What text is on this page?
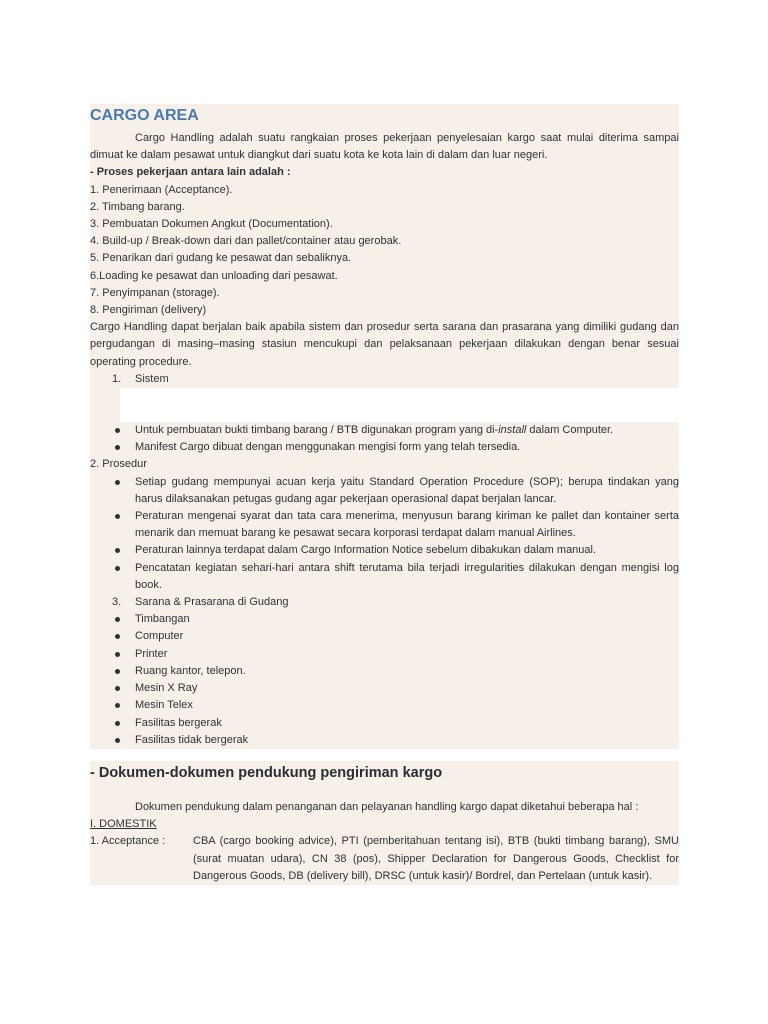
CARGO AREA
Cargo Handling adalah suatu rangkaian proses pekerjaan penyelesaian kargo saat mulai diterima sampai dimuat ke dalam pesawat untuk diangkut dari suatu kota ke kota lain di dalam dan luar negeri.
- Proses pekerjaan antara lain adalah :
1. Penerimaan (Acceptance).
2. Timbang barang.
3. Pembuatan Dokumen Angkut (Documentation).
4. Build-up / Break-down dari dan pallet/container atau gerobak.
5. Penarikan dari gudang ke pesawat dan sebaliknya.
6.Loading ke pesawat dan unloading dari pesawat.
7. Penyimpanan (storage).
8. Pengiriman (delivery)
Cargo Handling dapat berjalan baik apabila sistem dan prosedur serta sarana dan prasarana yang dimiliki gudang dan pergudangan di masing–masing stasiun mencukupi dan pelaksanaan pekerjaan dilakukan dengan benar sesuai operating procedure.
1. Sistem
Untuk pembuatan bukti timbang barang / BTB digunakan program yang di-install dalam Computer.
Manifest Cargo dibuat dengan menggunakan mengisi form yang telah tersedia.
2. Prosedur
Setiap gudang mempunyai acuan kerja yaitu Standard Operation Procedure (SOP); berupa tindakan yang harus dilaksanakan petugas gudang agar pekerjaan operasional dapat berjalan lancar.
Peraturan mengenai syarat dan tata cara menerima, menyusun barang kiriman ke pallet dan kontainer serta menarik dan memuat barang ke pesawat secara korporasi terdapat dalam manual Airlines.
Peraturan lainnya terdapat dalam Cargo Information Notice sebelum dibakukan dalam manual.
Pencatatan kegiatan sehari-hari antara shift terutama bila terjadi irregularities dilakukan dengan mengisi log book.
3. Sarana & Prasarana di Gudang
Timbangan
Computer
Printer
Ruang kantor, telepon.
Mesin X Ray
Mesin Telex
Fasilitas bergerak
Fasilitas tidak bergerak
- Dokumen-dokumen pendukung pengiriman kargo
Dokumen pendukung dalam penanganan dan pelayanan handling kargo dapat diketahui beberapa hal :
I. DOMESTIK
1. Acceptance :	CBA (cargo booking advice), PTI (pemberitahuan tentang isi), BTB (bukti timbang barang), SMU (surat muatan udara), CN 38 (pos), Shipper Declaration for Dangerous Goods, Checklist for Dangerous Goods, DB (delivery bill), DRSC (untuk kasir)/ Bordrel, dan Pertelaan (untuk kasir).
